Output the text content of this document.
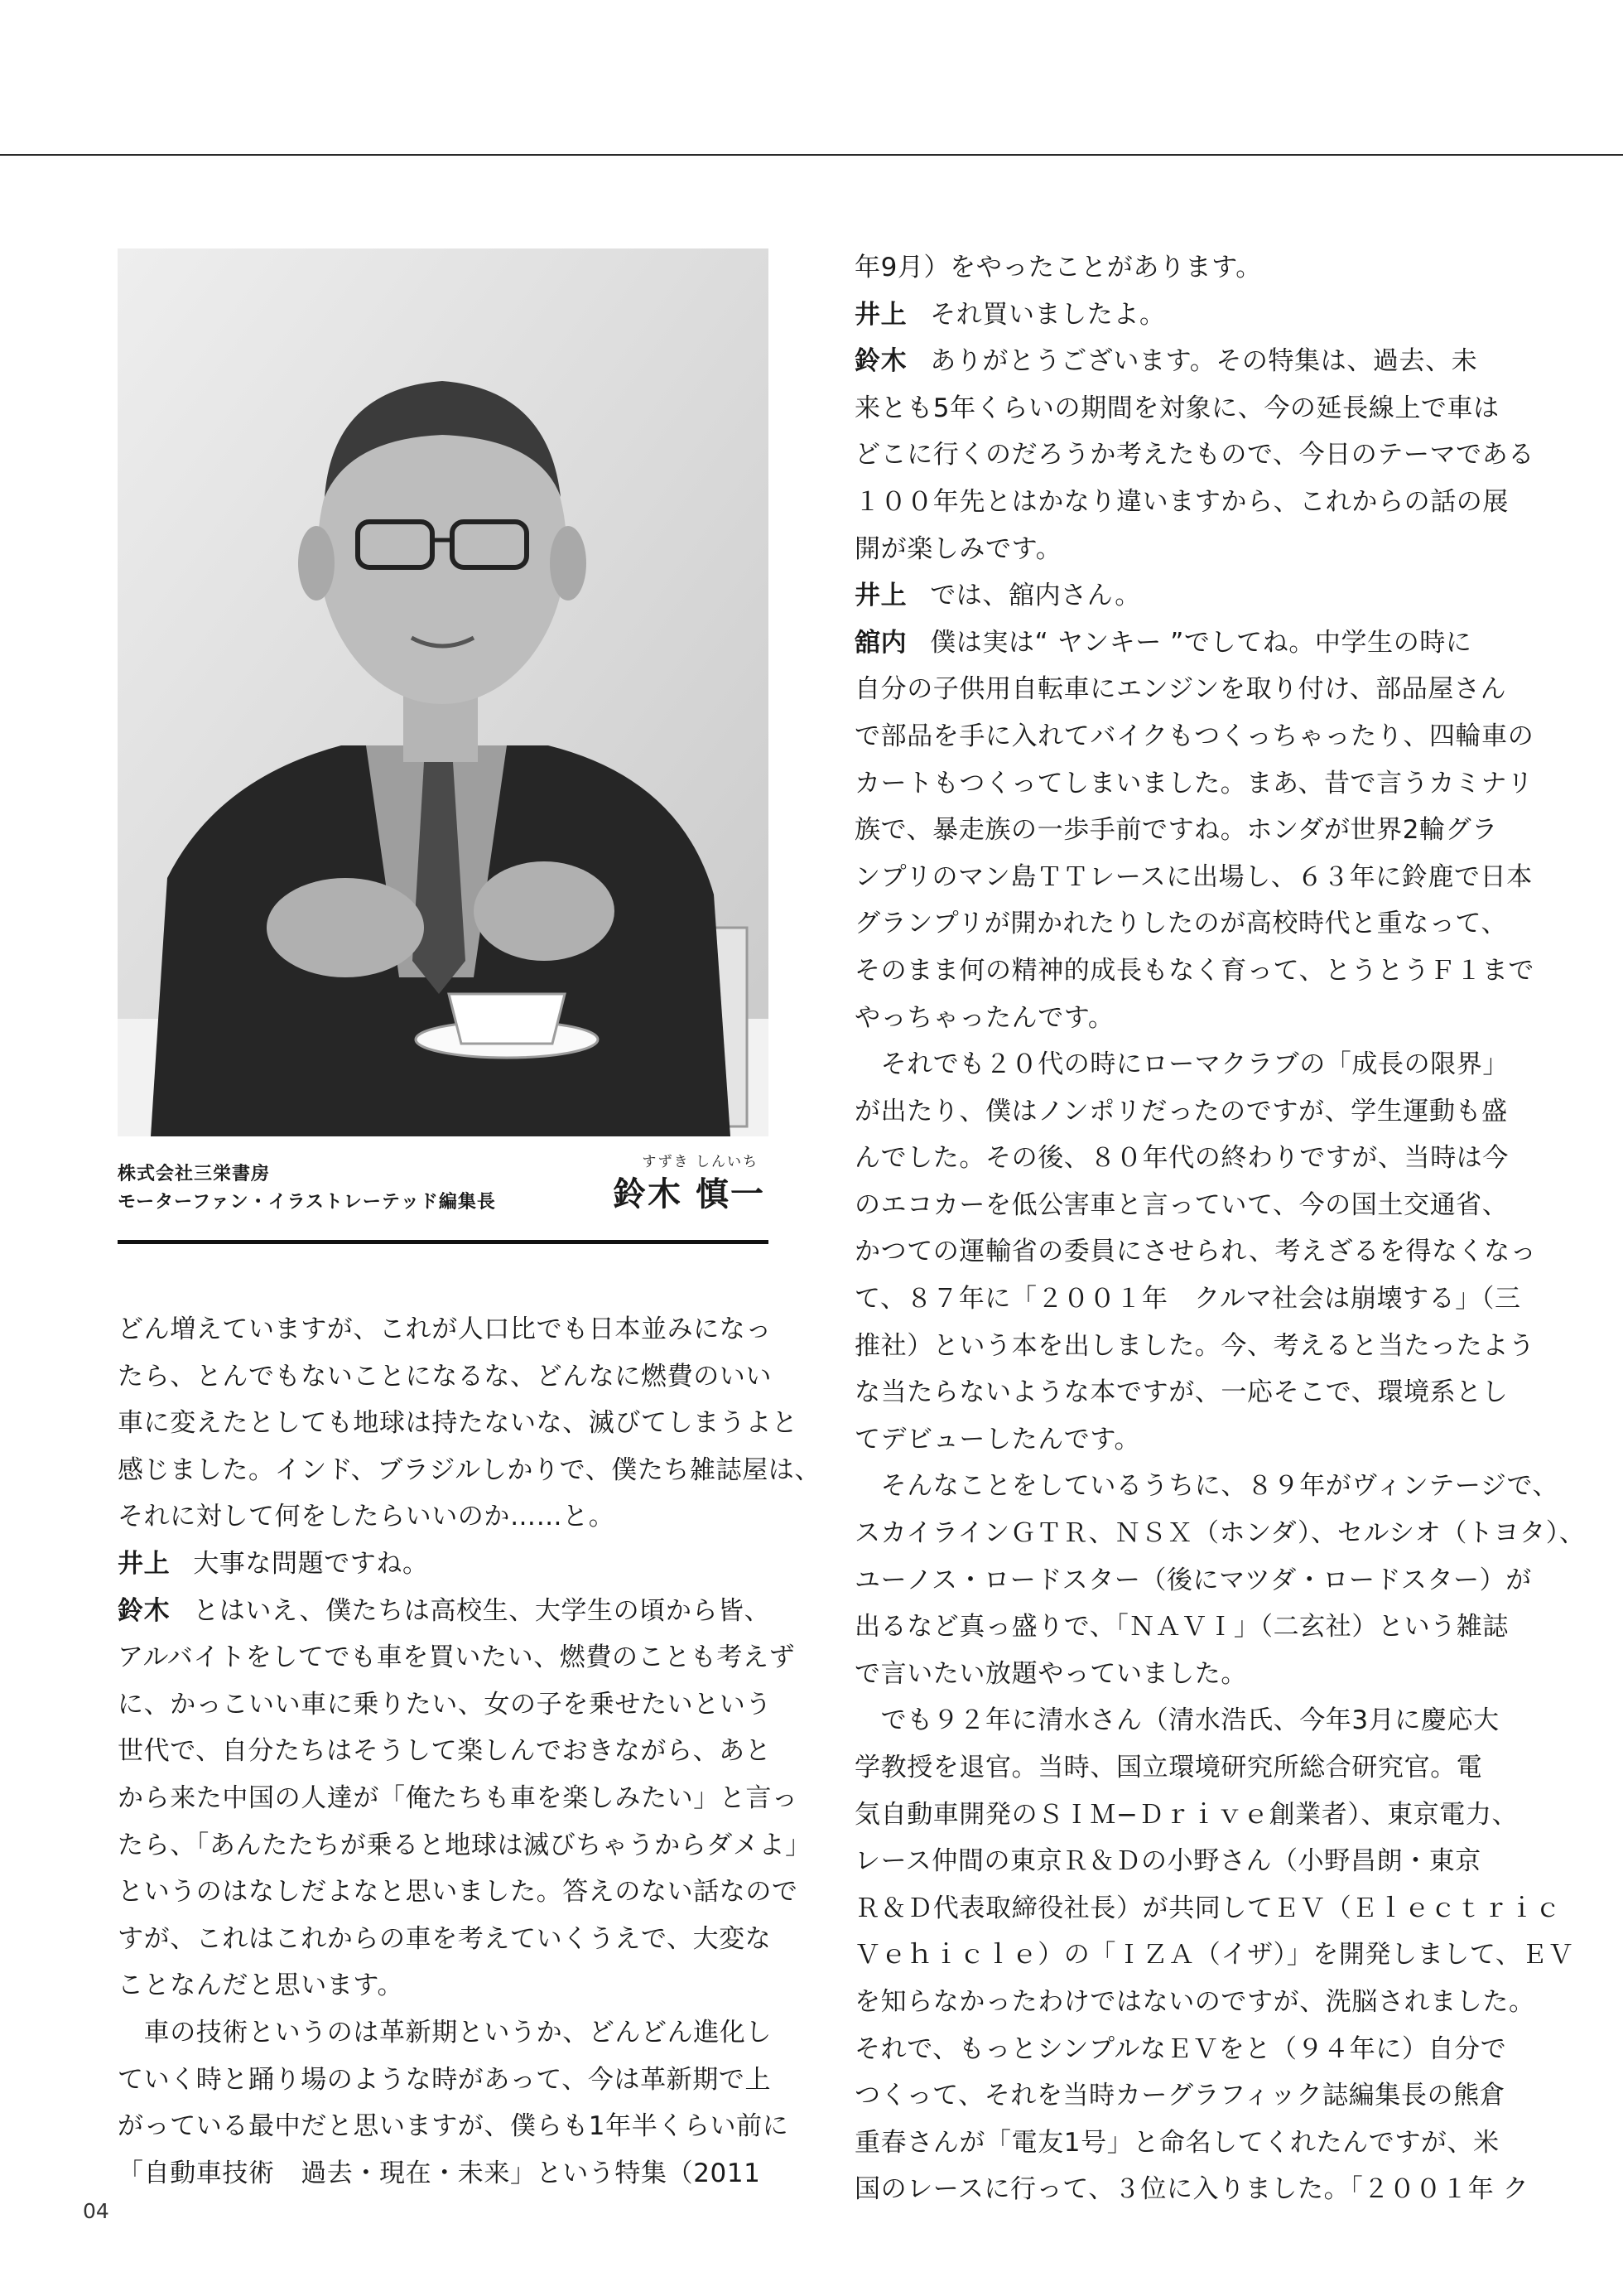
株式会社三栄書房
モーターファン・イラストレーテッド編集長
すずき しんいち
鈴木 慎一
どん増えていますが、これが人口比でも日本並みになっ
たら、とんでもないことになるな、どんなに燃費のいい
車に変えたとしても地球は持たないな、滅びてしまうよと
感じました。インド、ブラジルしかりで、僕たち雑誌屋は、
それに対して何をしたらいいのか……と。
井上 大事な問題ですね。
鈴木 とはいえ、僕たちは高校生、大学生の頃から皆、
アルバイトをしてでも車を買いたい、燃費のことも考えず
に、かっこいい車に乗りたい、女の子を乗せたいという
世代で、自分たちはそうして楽しんでおきながら、あと
から来た中国の人達が「俺たちも車を楽しみたい」と言っ
たら、「あんたたちが乗ると地球は滅びちゃうからダメよ」
というのはなしだよなと思いました。答えのない話なので
すが、これはこれからの車を考えていくうえで、大変な
ことなんだと思います。
　車の技術というのは革新期というか、どんどん進化し
ていく時と踊り場のような時があって、今は革新期で上
がっている最中だと思いますが、僕らも1年半くらい前に
「自動車技術　過去・現在・未来」という特集（2011
年9月）をやったことがあります。
井上 それ買いましたよ。
鈴木 ありがとうございます。その特集は、過去、未
来とも5年くらいの期間を対象に、今の延長線上で車は
どこに行くのだろうか考えたもので、今日のテーマである
１００年先とはかなり違いますから、これからの話の展
開が楽しみです。
井上 では、舘内さん。
舘内 僕は実は“ ヤンキー ”でしてね。中学生の時に
自分の子供用自転車にエンジンを取り付け、部品屋さん
で部品を手に入れてバイクもつくっちゃったり、四輪車の
カートもつくってしまいました。まあ、昔で言うカミナリ
族で、暴走族の一歩手前ですね。ホンダが世界2輪グラ
ンプリのマン島ＴＴレースに出場し、６３年に鈴鹿で日本
グランプリが開かれたりしたのが高校時代と重なって、
そのまま何の精神的成長もなく育って、とうとうＦ１まで
やっちゃったんです。
　それでも２０代の時にローマクラブの「成長の限界」
が出たり、僕はノンポリだったのですが、学生運動も盛
んでした。その後、８０年代の終わりですが、当時は今
のエコカーを低公害車と言っていて、今の国土交通省、
かつての運輸省の委員にさせられ、考えざるを得なくなっ
て、８７年に「２００１年　クルマ社会は崩壊する」（三
推社）という本を出しました。今、考えると当たったよう
な当たらないような本ですが、一応そこで、環境系とし
てデビューしたんです。
　そんなことをしているうちに、８９年がヴィンテージで、
スカイラインＧＴＲ、ＮＳＸ（ホンダ）、セルシオ（トヨタ）、
ユーノス・ロードスター（後にマツダ・ロードスター）が
出るなど真っ盛りで、「ＮＡＶＩ」（二玄社）という雑誌
で言いたい放題やっていました。
　でも９２年に清水さん（清水浩氏、今年3月に慶応大
学教授を退官。当時、国立環境研究所総合研究官。電
気自動車開発のＳＩＭ−Ｄｒｉｖｅ創業者）、東京電力、
レース仲間の東京Ｒ＆Ｄの小野さん（小野昌朗・東京
Ｒ＆Ｄ代表取締役社長）が共同してＥＶ（Ｅｌｅｃｔｒｉｃ
Ｖｅｈｉｃｌｅ）の「ＩＺＡ（イザ）」を開発しまして、ＥＶ
を知らなかったわけではないのですが、洗脳されました。
それで、もっとシンプルなＥＶをと（９４年に）自分で
つくって、それを当時カーグラフィック誌編集長の熊倉
重春さんが「電友1号」と命名してくれたんですが、米
国のレースに行って、３位に入りました。「２００１年 ク
04
